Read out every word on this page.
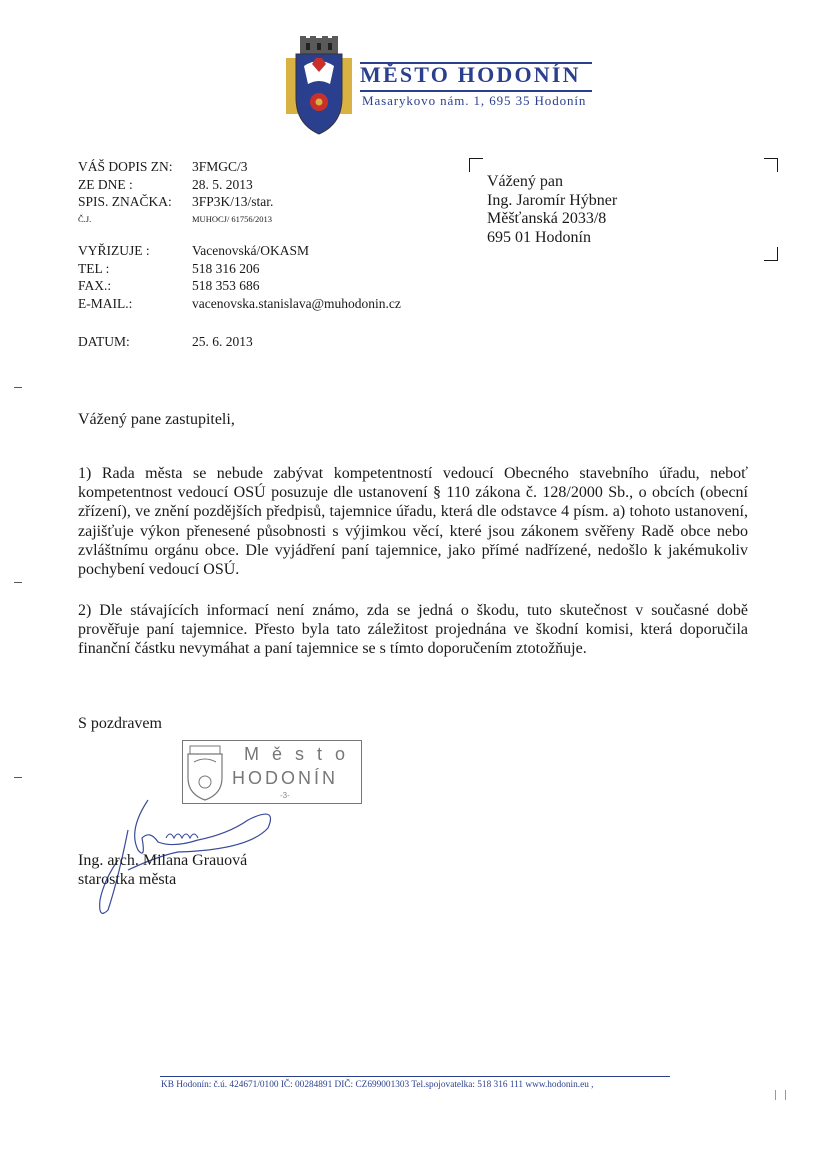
MĚSTO HODONÍN
Masarykovo nám. 1, 695 35 Hodonín
VÁŠ DOPIS ZN:	3FMGC/3
ZE DNE :	28. 5. 2013
SPIS. ZNAČKA:	3FP3K/13/star.
Č.J.	MUHOCJ/ 61756/2013
VYŘIZUJE :	Vacenovská/OKASM
TEL :	518 316 206
FAX.:	518 353 686
E-MAIL.:	vacenovska.stanislava@muhodonin.cz
DATUM:	25. 6. 2013
Vážený pan
Ing. Jaromír Hýbner
Měšťanská 2033/8
695 01 Hodonín
Vážený pane zastupiteli,
1) Rada města se nebude zabývat kompetentností vedoucí Obecného stavebního úřadu, neboť kompetentnost vedoucí OSÚ posuzuje dle ustanovení § 110 zákona č. 128/2000 Sb., o obcích (obecní zřízení), ve znění pozdějších předpisů, tajemnice úřadu, která dle odstavce 4 písm. a) tohoto ustanovení, zajišťuje výkon přenesené působnosti s výjimkou věcí, které jsou zákonem svěřeny Radě obce nebo zvláštnímu orgánu obce. Dle vyjádření paní tajemnice, jako přímé nadřízené, nedošlo k jakémukoliv pochybení vedoucí OSÚ.
2) Dle stávajících informací není známo, zda se jedná o škodu, tuto skutečnost v současné době prověřuje paní tajemnice. Přesto byla tato záležitost projednána ve škodní komisi, která doporučila finanční částku nevymáhat a paní tajemnice se s tímto doporučením ztotožňuje.
S pozdravem
M ě s t o
HODONÍN
-3-
Ing. arch. Milana Grauová
starostka města
KB Hodonín: č.ú. 424671/0100 IČ: 00284891 DIČ: CZ699001303 Tel.spojovatelka: 518 316 111 www.hodonin.eu ,
